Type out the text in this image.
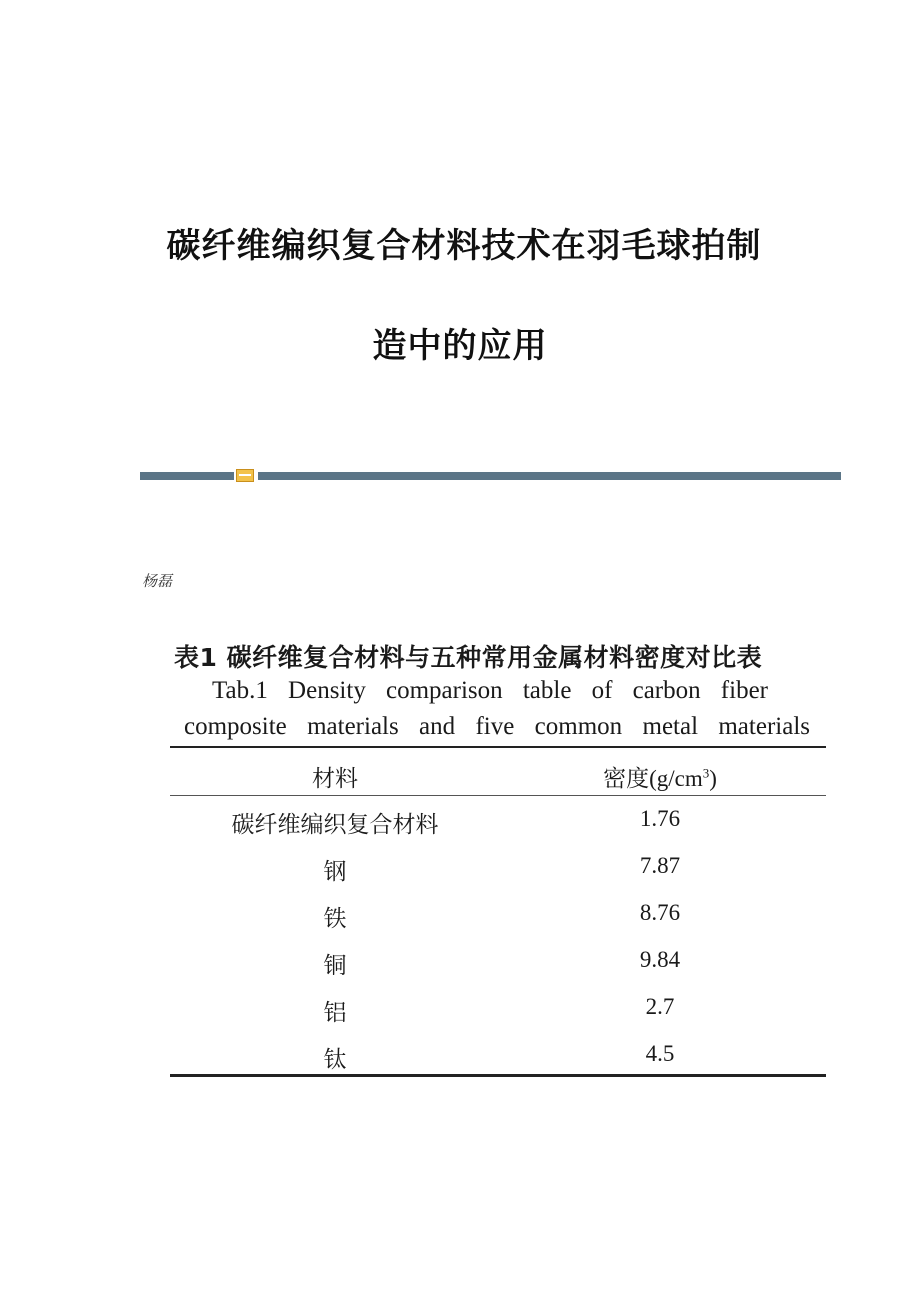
碳纤维编织复合材料技术在羽毛球拍制
造中的应用
杨磊
表1 碳纤维复合材料与五种常用金属材料密度对比表
Tab.1 Density comparison table of carbon fiber
composite materials and five common metal materials
材料	密度$(g/cm^3)$
碳纤维编织复合材料	1.76
钢	7.87
铁	8.76
铜	9.84
铝	2.7
钛	4.5
